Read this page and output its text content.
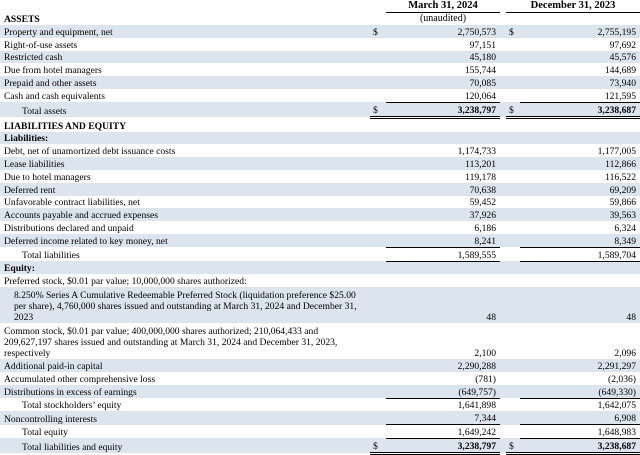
March 31, 2024
(unaudited)
December 31, 2023
ASSETS					
Property and equipment, net	$	2,750,573		$	2,755,195
Right-of-use assets		97,151			97,692
Restricted cash		45,180			45,576
Due from hotel managers		155,744			144,689
Prepaid and other assets		70,085			73,940
Cash and cash equivalents		120,064			121,595
Total assets	$	3,238,797		$	3,238,687
LIABILITIES AND EQUITY					
Liabilities:					
Debt, net of unamortized debt issuance costs		1,174,733			1,177,005
Lease liabilities		113,201			112,866
Due to hotel managers		119,178			116,522
Deferred rent		70,638			69,209
Unfavorable contract liabilities, net		59,452			59,866
Accounts payable and accrued expenses		37,926			39,563
Distributions declared and unpaid		6,186			6,324
Deferred income related to key money, net		8,241			8,349
Total liabilities		1,589,555			1,589,704
Equity:					
Preferred stock, $0.01 par value; 10,000,000 shares authorized:					
8.250% Series A Cumulative Redeemable Preferred Stock (liquidation preference $25.00 per share), 4,760,000 shares issued and outstanding at March 31, 2024 and December 31, 2023		48			48
Common stock, $0.01 par value; 400,000,000 shares authorized; 210,064,433 and 209,627,197 shares issued and outstanding at March 31, 2024 and December 31, 2023, respectively		2,100			2,096
Additional paid-in capital		2,290,288			2,291,297
Accumulated other comprehensive loss		(781)			(2,036)
Distributions in excess of earnings		(649,757)			(649,330)
Total stockholders’ equity		1,641,898			1,642,075
Noncontrolling interests		7,344			6,908
Total equity		1,649,242			1,648,983
Total liabilities and equity	$	3,238,797		$	3,238,687
